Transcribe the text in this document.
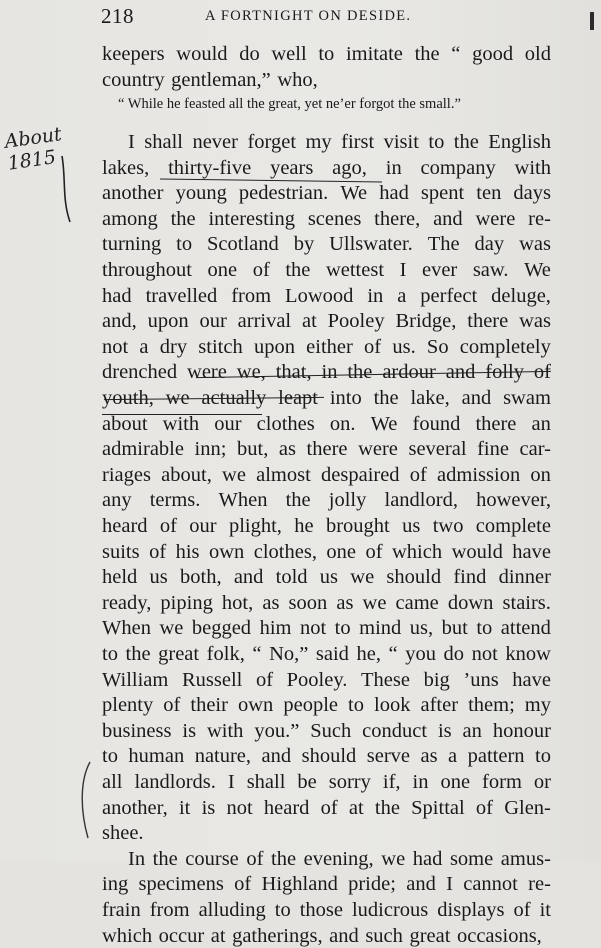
218	A FORTNIGHT ON DESIDE.
keepers would do well to imitate the “ good old
country gentleman,” who,
“ While he feasted all the great, yet ne’er forgot the small.”
I shall never forget my first visit to the English
lakes, thirty-five years ago, in company with
another young pedestrian. We had spent ten days
among the interesting scenes there, and were re-
turning to Scotland by Ullswater. The day was
throughout one of the wettest I ever saw. We
had travelled from Lowood in a perfect deluge,
and, upon our arrival at Pooley Bridge, there was
not a dry stitch upon either of us. So completely
drenched were we, that, in the ardour and folly of
youth, we actually leapt into the lake, and swam
about with our clothes on. We found there an
admirable inn; but, as there were several fine car-
riages about, we almost despaired of admission on
any terms. When the jolly landlord, however,
heard of our plight, he brought us two complete
suits of his own clothes, one of which would have
held us both, and told us we should find dinner
ready, piping hot, as soon as we came down stairs.
When we begged him not to mind us, but to attend
to the great folk, “ No,” said he, “ you do not know
William Russell of Pooley. These big ’uns have
plenty of their own people to look after them; my
business is with you.” Such conduct is an honour
to human nature, and should serve as a pattern to
all landlords. I shall be sorry if, in one form or
another, it is not heard of at the Spittal of Glen-
shee.
In the course of the evening, we had some amus-
ing specimens of Highland pride; and I cannot re-
frain from alluding to those ludicrous displays of it
which occur at gatherings, and such great occasions,
About 1815
